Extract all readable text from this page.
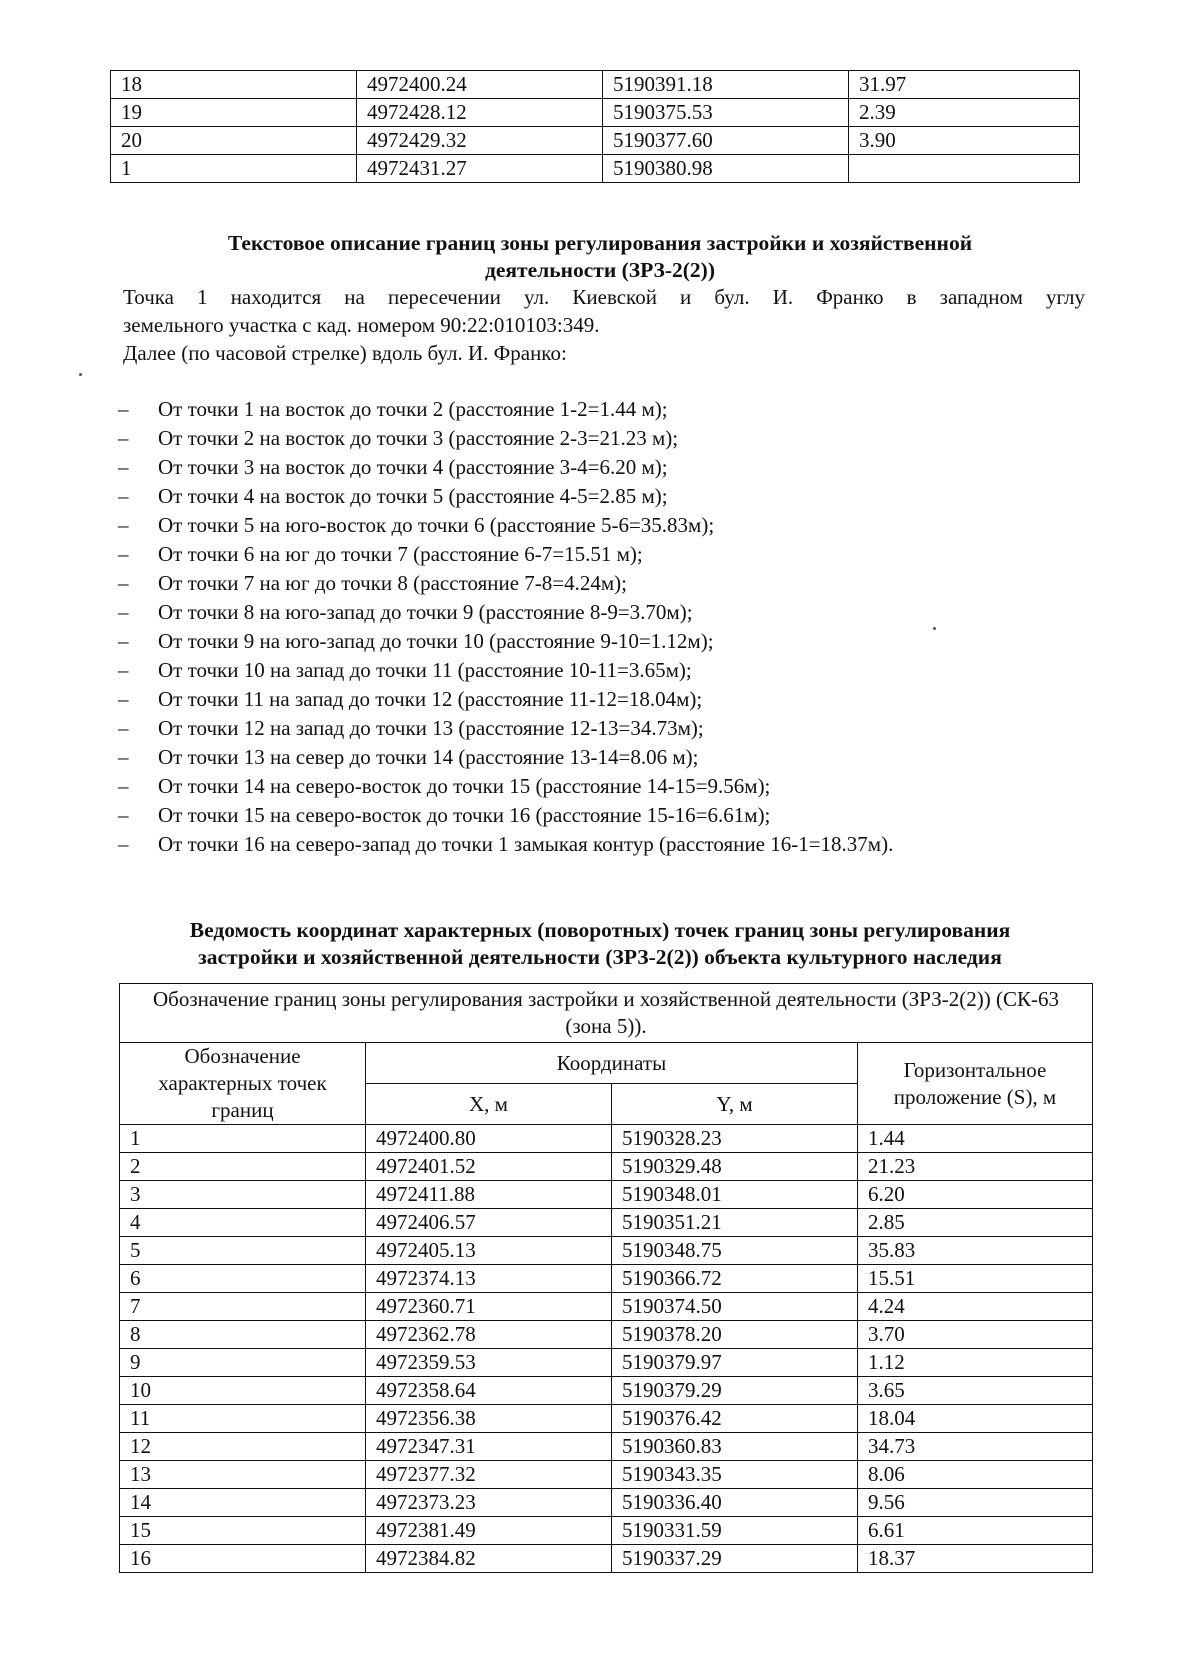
18	4972400.24	5190391.18	31.97
19	4972428.12	5190375.53	2.39
20	4972429.32	5190377.60	3.90
1	4972431.27	5190380.98	
Текстовое описание границ зоны регулирования застройки и хозяйственной
деятельности (ЗРЗ-2(2))

Точка 1 находится на пересечении ул. Киевской и бул. И. Франко в западном углу
земельного участка с кад. номером 90:22:010103:349.

Далее (по часовой стрелке) вдоль бул. И. Франко:

– От точки 1 на восток до точки 2 (расстояние 1-2=1.44 м);
– От точки 2 на восток до точки 3 (расстояние 2-3=21.23 м);
– От точки 3 на восток до точки 4 (расстояние 3-4=6.20 м);
– От точки 4 на восток до точки 5 (расстояние 4-5=2.85 м);
– От точки 5 на юго-восток до точки 6 (расстояние 5-6=35.83м);
– От точки 6 на юг до точки 7 (расстояние 6-7=15.51 м);
– От точки 7 на юг до точки 8 (расстояние 7-8=4.24м);
– От точки 8 на юго-запад до точки 9 (расстояние 8-9=3.70м);
– От точки 9 на юго-запад до точки 10 (расстояние 9-10=1.12м);
– От точки 10 на запад до точки 11 (расстояние 10-11=3.65м);
– От точки 11 на запад до точки 12 (расстояние 11-12=18.04м);
– От точки 12 на запад до точки 13 (расстояние 12-13=34.73м);
– От точки 13 на север до точки 14 (расстояние 13-14=8.06 м);
– От точки 14 на северо-восток до точки 15 (расстояние 14-15=9.56м);
– От точки 15 на северо-восток до точки 16 (расстояние 15-16=6.61м);
– От точки 16 на северо-запад до точки 1 замыкая контур (расстояние 16-1=18.37м).
Ведомость координат характерных (поворотных) точек границ зоны регулирования
застройки и хозяйственной деятельности (ЗРЗ-2(2)) объекта культурного наследия
Обозначение границ зоны регулирования застройки и хозяйственной деятельности (ЗРЗ-2(2)) (СК-63 (зона 5)).			
Обозначение характерных точек границ	Координаты		Горизонтальное проложение (S), м
	X, м	Y, м	
1	4972400.80	5190328.23	1.44
2	4972401.52	5190329.48	21.23
3	4972411.88	5190348.01	6.20
4	4972406.57	5190351.21	2.85
5	4972405.13	5190348.75	35.83
6	4972374.13	5190366.72	15.51
7	4972360.71	5190374.50	4.24
8	4972362.78	5190378.20	3.70
9	4972359.53	5190379.97	1.12
10	4972358.64	5190379.29	3.65
11	4972356.38	5190376.42	18.04
12	4972347.31	5190360.83	34.73
13	4972377.32	5190343.35	8.06
14	4972373.23	5190336.40	9.56
15	4972381.49	5190331.59	6.61
16	4972384.82	5190337.29	18.37
